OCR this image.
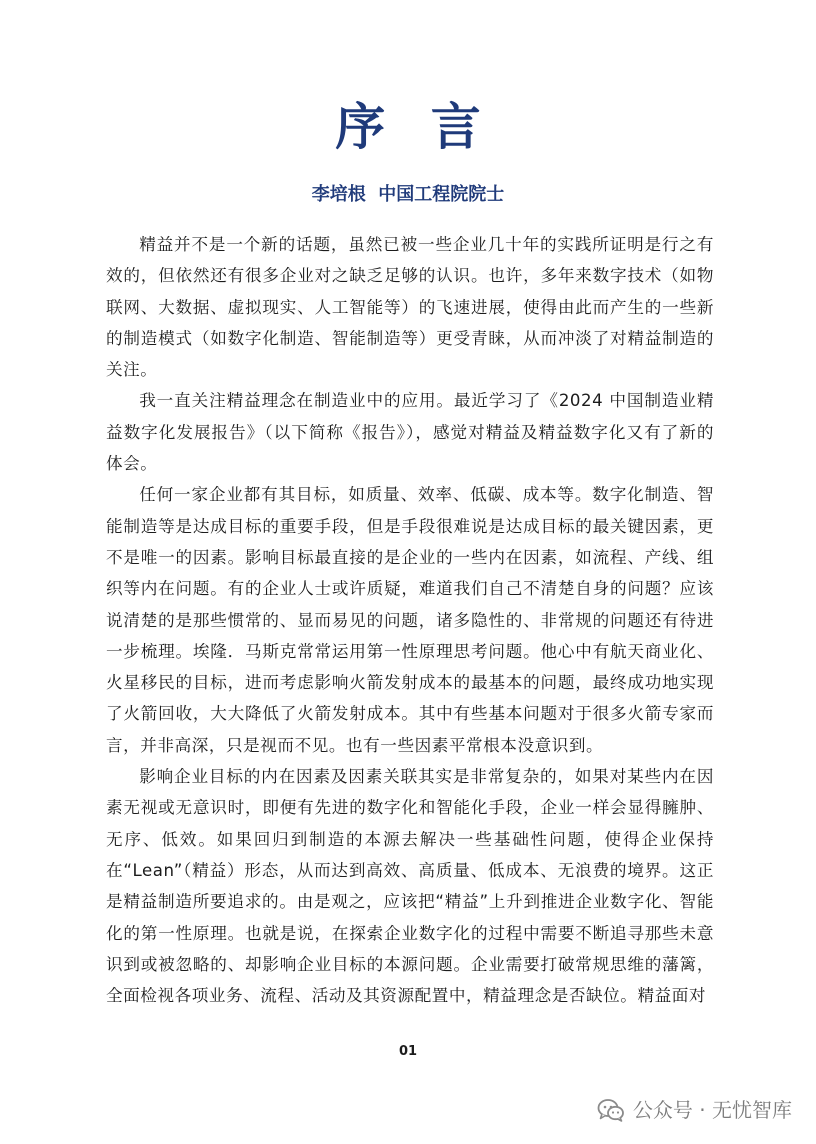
序 言
李培根  中国工程院院士

精益并不是一个新的话题，虽然已被一些企业几十年的实践所证明是行之有效的，但依然还有很多企业对之缺乏足够的认识。也许，多年来数字技术（如物联网、大数据、虚拟现实、人工智能等）的飞速进展，使得由此而产生的一些新的制造模式（如数字化制造、智能制造等）更受青睐，从而冲淡了对精益制造的关注。

我一直关注精益理念在制造业中的应用。最近学习了《2024 中国制造业精益数字化发展报告》（以下简称《报告》），感觉对精益及精益数字化又有了新的体会。

任何一家企业都有其目标，如质量、效率、低碳、成本等。数字化制造、智能制造等是达成目标的重要手段，但是手段很难说是达成目标的最关键因素，更不是唯一的因素。影响目标最直接的是企业的一些内在因素，如流程、产线、组织等内在问题。有的企业人士或许质疑，难道我们自己不清楚自身的问题？应该说清楚的是那些惯常的、显而易见的问题，诸多隐性的、非常规的问题还有待进一步梳理。埃隆．马斯克常常运用第一性原理思考问题。他心中有航天商业化、火星移民的目标，进而考虑影响火箭发射成本的最基本的问题，最终成功地实现了火箭回收，大大降低了火箭发射成本。其中有些基本问题对于很多火箭专家而言，并非高深，只是视而不见。也有一些因素平常根本没意识到。

影响企业目标的内在因素及因素关联其实是非常复杂的，如果对某些内在因素无视或无意识时，即便有先进的数字化和智能化手段，企业一样会显得臃肿、无序、低效。如果回归到制造的本源去解决一些基础性问题，使得企业保持在“Lean”（精益）形态，从而达到高效、高质量、低成本、无浪费的境界。这正是精益制造所要追求的。由是观之，应该把“精益”上升到推进企业数字化、智能化的第一性原理。也就是说，在探索企业数字化的过程中需要不断追寻那些未意识到或被忽略的、却影响企业目标的本源问题。企业需要打破常规思维的藩篱，全面检视各项业务、流程、活动及其资源配置中，精益理念是否缺位。精益面对

01
公众号 · 无忧智库
